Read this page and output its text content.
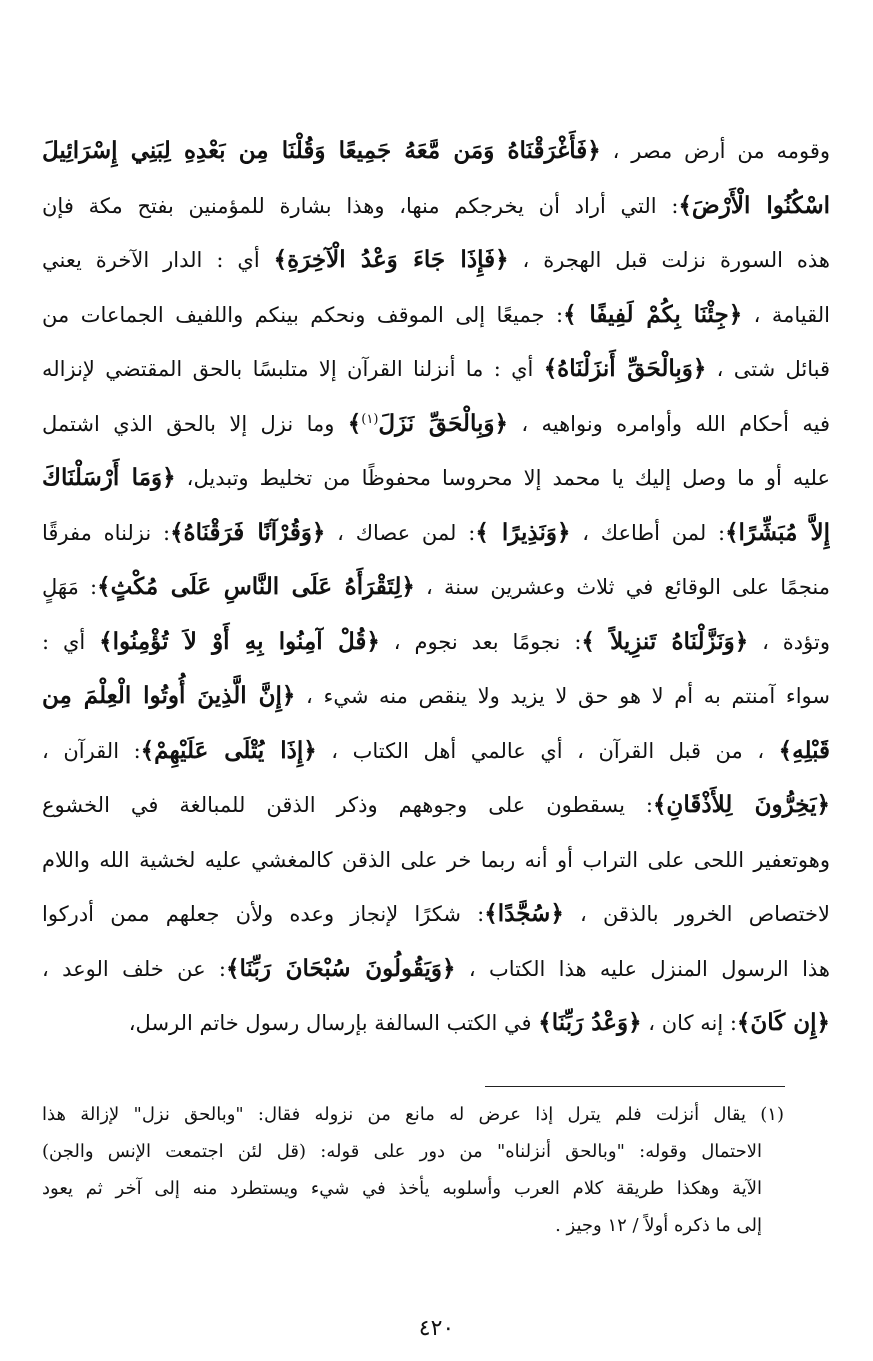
وقومه من أرض مصر ، ﴿فَأَغْرَقْنَاهُ وَمَن مَّعَهُ جَمِيعًا وَقُلْنَا مِن بَعْدِهِ لِبَنِي إِسْرَائِيلَ
اسْكُنُوا الْأَرْضَ﴾: التي أراد أن يخرجكم منها، وهذا بشارة للمؤمنين بفتح مكة فإن
هذه السورة نزلت قبل الهجرة ، ﴿فَإِذَا جَاءَ وَعْدُ الْآخِرَةِ﴾ أي : الدار الآخرة يعني
القيامة ، ﴿جِئْنَا بِكُمْ لَفِيفًا ﴾: جميعًا إلى الموقف ونحكم بينكم واللفيف الجماعات من
قبائل شتى ، ﴿وَبِالْحَقِّ أَنزَلْنَاهُ﴾ أي : ما أنزلنا القرآن إلا متلبسًا بالحق المقتضي لإنزاله
فيه أحكام الله وأوامره ونواهيه ، ﴿وَبِالْحَقِّ نَزَلَ$^{(١)}$﴾ وما نزل إلا بالحق الذي اشتمل
عليه أو ما وصل إليك يا محمد إلا محروسا محفوظًا من تخليط وتبديل، ﴿وَمَا أَرْسَلْنَاكَ
إِلاَّ مُبَشِّرًا﴾: لمن أطاعك ، ﴿وَنَذِيرًا ﴾: لمن عصاك ، ﴿وَقُرْآنًا فَرَقْنَاهُ﴾: نزلناه مفرقًا
منجمًا على الوقائع في ثلاث وعشرين سنة ، ﴿لِتَقْرَأَهُ عَلَى النَّاسِ عَلَى مُكْثٍ﴾: مَهَلٍ
وتؤدة ، ﴿وَنَزَّلْنَاهُ تَنزِيلاً ﴾: نجومًا بعد نجوم ، ﴿قُلْ آمِنُوا بِهِ أَوْ لاَ تُؤْمِنُوا﴾ أي :
سواء آمنتم به أم لا هو حق لا يزيد ولا ينقص منه شيء ، ﴿إِنَّ الَّذِينَ أُوتُوا الْعِلْمَ مِن
قَبْلِهِ﴾ ، من قبل القرآن ، أي عالمي أهل الكتاب ، ﴿إِذَا يُتْلَى عَلَيْهِمْ﴾: القرآن ،
﴿يَخِرُّونَ لِلأَذْقَانِ﴾: يسقطون على وجوههم وذكر الذقن للمبالغة في الخشوع
وهوتعفير اللحى على التراب أو أنه ربما خر على الذقن كالمغشي عليه لخشية الله واللام
لاختصاص الخرور بالذقن ، ﴿سُجَّدًا﴾: شكرًا لإنجاز وعده ولأن جعلهم ممن أدركوا
هذا الرسول المنزل عليه هذا الكتاب ، ﴿وَيَقُولُونَ سُبْحَانَ رَبِّنَا﴾: عن خلف الوعد ،
﴿إِن كَانَ﴾: إنه كان ، ﴿وَعْدُ رَبِّنَا﴾ في الكتب السالفة بإرسال رسول خاتم الرسل،
(١) يقال أنزلت فلم يترل إذا عرض له مانع من نزوله فقال: "وبالحق نزل" لإزالة هذا
الاحتمال وقوله: "وبالحق أنزلناه" من دور على قوله: (قل لئن اجتمعت الإنس والجن)
الآية وهكذا طريقة كلام العرب وأسلوبه يأخذ في شيء ويستطرد منه إلى آخر ثم يعود
إلى ما ذكره أولاً / ١٢ وجيز .
٤٢٠
